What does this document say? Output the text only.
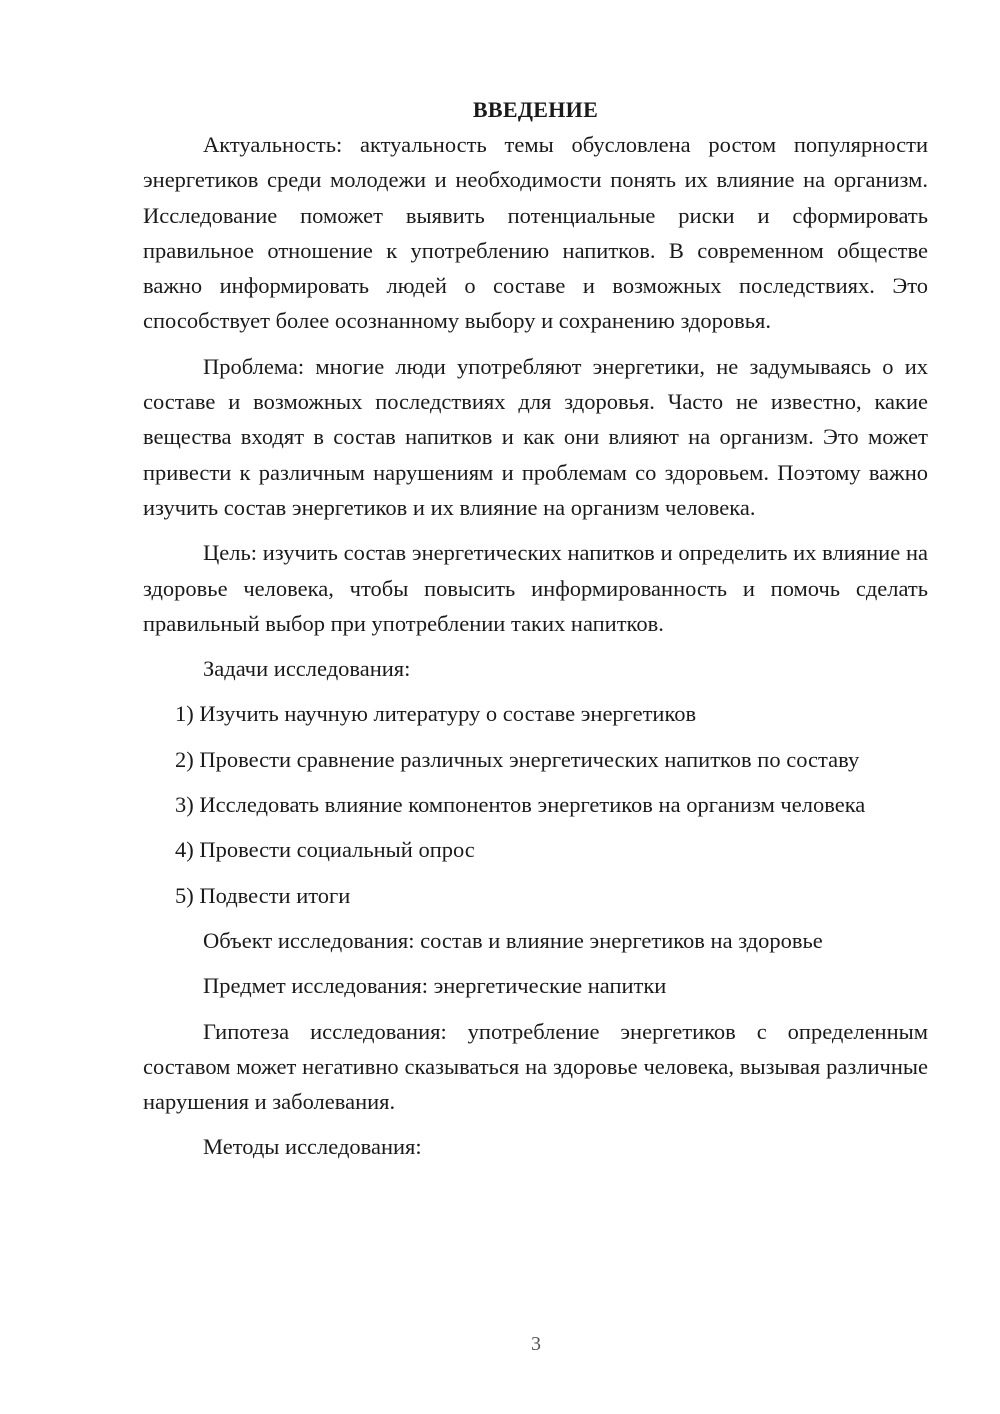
ВВЕДЕНИЕ

Актуальность: актуальность темы обусловлена ростом популярности энергетиков среди молодежи и необходимости понять их влияние на организм. Исследование поможет выявить потенциальные риски и сформировать правильное отношение к употреблению напитков. В современном обществе важно информировать людей о составе и возможных последствиях. Это способствует более осознанному выбору и сохранению здоровья.

Проблема: многие люди употребляют энергетики, не задумываясь о их составе и возможных последствиях для здоровья. Часто не известно, какие вещества входят в состав напитков и как они влияют на организм. Это может привести к различным нарушениям и проблемам со здоровьем. Поэтому важно изучить состав энергетиков и их влияние на организм человека.

Цель: изучить состав энергетических напитков и определить их влияние на здоровье человека, чтобы повысить информированность и помочь сделать правильный выбор при употреблении таких напитков.

Задачи исследования:

1) Изучить научную литературу о составе энергетиков

2) Провести сравнение различных энергетических напитков по составу

3) Исследовать влияние компонентов энергетиков на организм человека

4) Провести социальный опрос

5) Подвести итоги

Объект исследования: состав и влияние энергетиков на здоровье

Предмет исследования: энергетические напитки

Гипотеза исследования: употребление энергетиков с определенным составом может негативно сказываться на здоровье человека, вызывая различные нарушения и заболевания.

Методы исследования:

3
